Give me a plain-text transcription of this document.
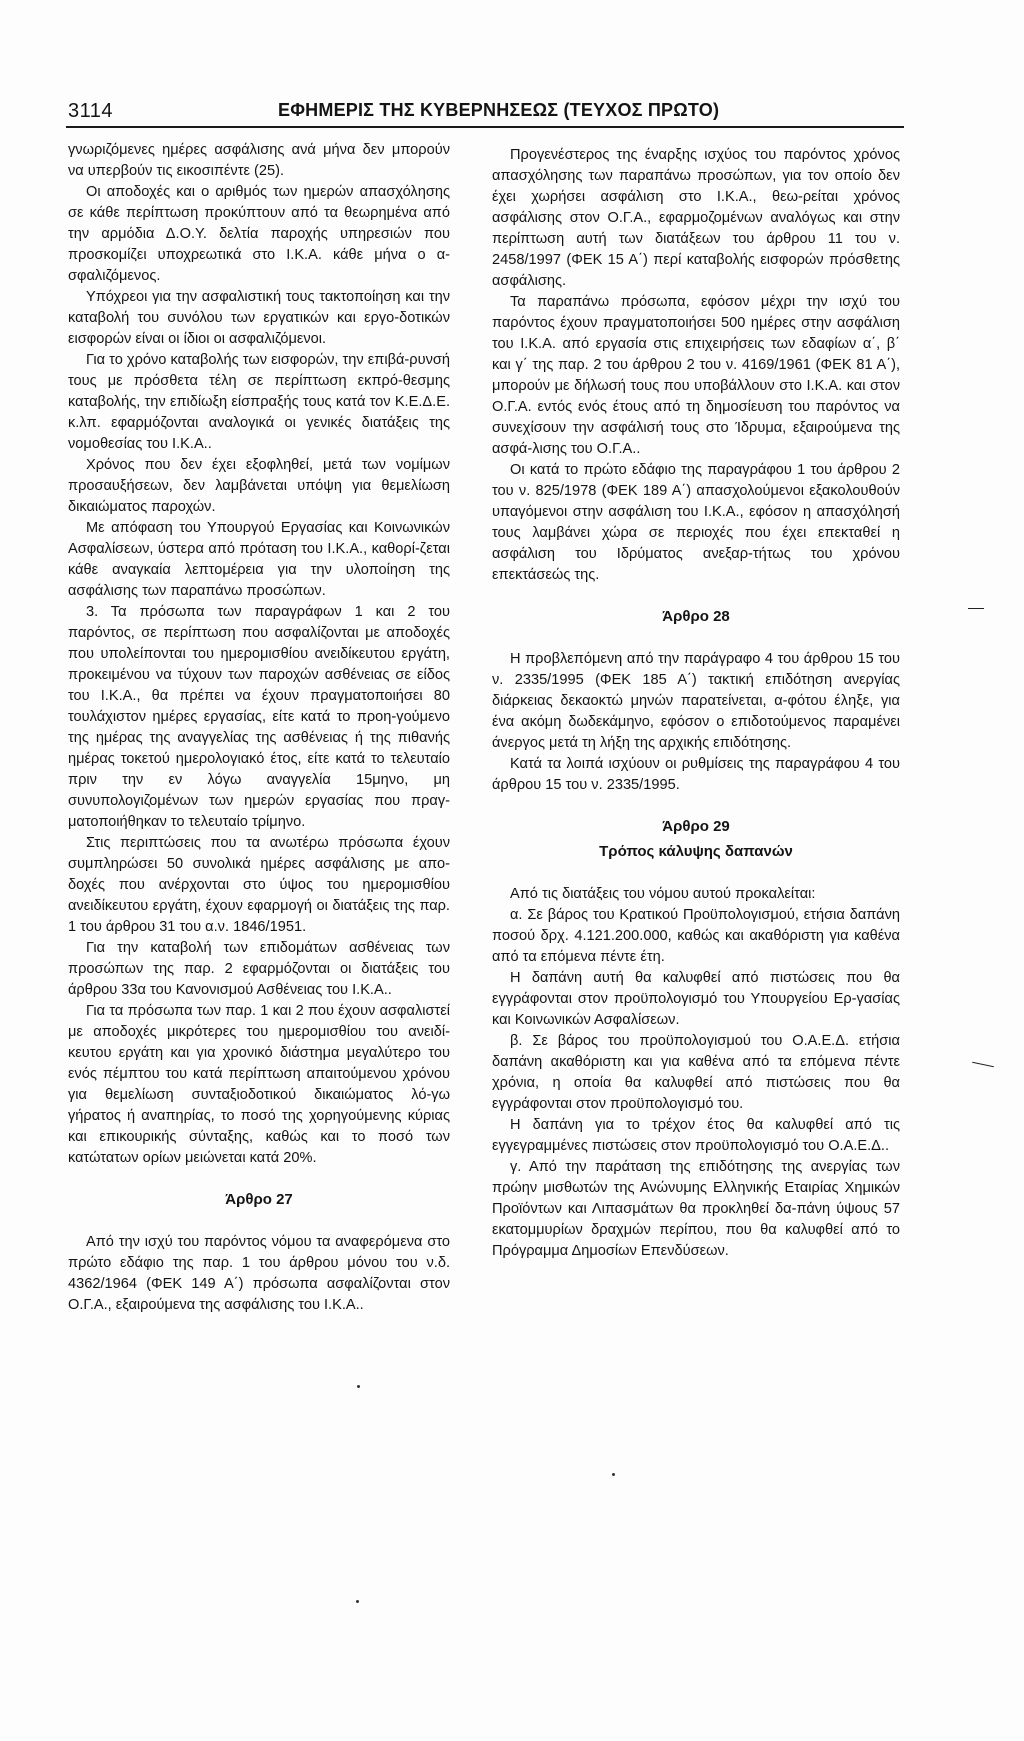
3114	ΕΦΗΜΕΡΙΣ ΤΗΣ ΚΥΒΕΡΝΗΣΕΩΣ (ΤΕΥΧΟΣ ΠΡΩΤΟ)

γνωριζόμενες ημέρες ασφάλισης ανά μήνα δεν μπορούν να υπερβούν τις εικοσιπέντε (25).

Οι αποδοχές και ο αριθμός των ημερών απασχόλησης σε κάθε περίπτωση προκύπτουν από τα θεωρημένα από την αρμόδια Δ.Ο.Υ. δελτία παροχής υπηρεσιών που προσκομίζει υποχρεωτικά στο Ι.Κ.Α. κάθε μήνα ο α-σφαλιζόμενος.

Υπόχρεοι για την ασφαλιστική τους τακτοποίηση και την καταβολή του συνόλου των εργατικών και εργο-δοτικών εισφορών είναι οι ίδιοι οι ασφαλιζόμενοι.

Για το χρόνο καταβολής των εισφορών, την επιβά-ρυνσή τους με πρόσθετα τέλη σε περίπτωση εκπρό-θεσμης καταβολής, την επιδίωξη είσπραξής τους κατά τον Κ.Ε.Δ.Ε. κ.λπ. εφαρμόζονται αναλογικά οι γενικές διατάξεις της νομοθεσίας του Ι.Κ.Α..

Χρόνος που δεν έχει εξοφληθεί, μετά των νομίμων προσαυξήσεων, δεν λαμβάνεται υπόψη για θεμελίωση δικαιώματος παροχών.

Με απόφαση του Υπουργού Εργασίας και Κοινωνικών Ασφαλίσεων, ύστερα από πρόταση του Ι.Κ.Α., καθορί-ζεται κάθε αναγκαία λεπτομέρεια για την υλοποίηση της ασφάλισης των παραπάνω προσώπων.

3. Τα πρόσωπα των παραγράφων 1 και 2 του παρόντος, σε περίπτωση που ασφαλίζονται με αποδοχές που υπολείπονται του ημερομισθίου ανειδίκευτου εργάτη, προκειμένου να τύχουν των παροχών ασθένειας σε είδος του Ι.Κ.Α., θα πρέπει να έχουν πραγματοποιήσει 80 τουλάχιστον ημέρες εργασίας, είτε κατά το προη-γούμενο της ημέρας της αναγγελίας της ασθένειας ή της πιθανής ημέρας τοκετού ημερολογιακό έτος, είτε κατά το τελευταίο πριν την εν λόγω αναγγελία 15μηνο, μη συνυπολογιζομένων των ημερών εργασίας που πραγ-ματοποιήθηκαν το τελευταίο τρίμηνο.

Στις περιπτώσεις που τα ανωτέρω πρόσωπα έχουν συμπληρώσει 50 συνολικά ημέρες ασφάλισης με απο-δοχές που ανέρχονται στο ύψος του ημερομισθίου ανειδίκευτου εργάτη, έχουν εφαρμογή οι διατάξεις της παρ. 1 του άρθρου 31 του α.ν. 1846/1951.

Για την καταβολή των επιδομάτων ασθένειας των προσώπων της παρ. 2 εφαρμόζονται οι διατάξεις του άρθρου 33α του Κανονισμού Ασθένειας του Ι.Κ.Α..

Για τα πρόσωπα των παρ. 1 και 2 που έχουν ασφαλιστεί με αποδοχές μικρότερες του ημερομισθίου του ανειδί-κευτου εργάτη και για χρονικό διάστημα μεγαλύτερο του ενός πέμπτου του κατά περίπτωση απαιτούμενου χρόνου για θεμελίωση συνταξιοδοτικού δικαιώματος λό-γω γήρατος ή αναπηρίας, το ποσό της χορηγούμενης κύριας και επικουρικής σύνταξης, καθώς και το ποσό των κατώτατων ορίων μειώνεται κατά 20%.

Άρθρο 27

Από την ισχύ του παρόντος νόμου τα αναφερόμενα στο πρώτο εδάφιο της παρ. 1 του άρθρου μόνου του ν.δ. 4362/1964 (ΦΕΚ 149 Α΄) πρόσωπα ασφαλίζονται στον Ο.Γ.Α., εξαιρούμενα της ασφάλισης του Ι.Κ.Α..

Προγενέστερος της έναρξης ισχύος του παρόντος χρόνος απασχόλησης των παραπάνω προσώπων, για τον οποίο δεν έχει χωρήσει ασφάλιση στο Ι.Κ.Α., θεω-ρείται χρόνος ασφάλισης στον Ο.Γ.Α., εφαρμοζομένων αναλόγως και στην περίπτωση αυτή των διατάξεων του άρθρου 11 του ν. 2458/1997 (ΦΕΚ 15 Α΄) περί καταβολής εισφορών πρόσθετης ασφάλισης.

Τα παραπάνω πρόσωπα, εφόσον μέχρι την ισχύ του παρόντος έχουν πραγματοποιήσει 500 ημέρες στην ασφάλιση του Ι.Κ.Α. από εργασία στις επιχειρήσεις των εδαφίων α΄, β΄ και γ΄ της παρ. 2 του άρθρου 2 του ν. 4169/1961 (ΦΕΚ 81 Α΄), μπορούν με δήλωσή τους που υποβάλλουν στο Ι.Κ.Α. και στον Ο.Γ.Α. εντός ενός έτους από τη δημοσίευση του παρόντος να συνεχίσουν την ασφάλισή τους στο Ίδρυμα, εξαιρούμενα της ασφά-λισης του Ο.Γ.Α..

Οι κατά το πρώτο εδάφιο της παραγράφου 1 του άρθρου 2 του ν. 825/1978 (ΦΕΚ 189 Α΄) απασχολούμενοι εξακολουθούν υπαγόμενοι στην ασφάλιση του Ι.Κ.Α., εφόσον η απασχόλησή τους λαμβάνει χώρα σε περιοχές που έχει επεκταθεί η ασφάλιση του Ιδρύματος ανεξαρ-τήτως του χρόνου επεκτάσεώς της.

Άρθρο 28

Η προβλεπόμενη από την παράγραφο 4 του άρθρου 15 του ν. 2335/1995 (ΦΕΚ 185 Α΄) τακτική επιδότηση ανεργίας διάρκειας δεκαοκτώ μηνών παρατείνεται, α-φότου έληξε, για ένα ακόμη δωδεκάμηνο, εφόσον ο επιδοτούμενος παραμένει άνεργος μετά τη λήξη της αρχικής επιδότησης.

Κατά τα λοιπά ισχύουν οι ρυθμίσεις της παραγράφου 4 του άρθρου 15 του ν. 2335/1995.

Άρθρο 29
Τρόπος κάλυψης δαπανών

Από τις διατάξεις του νόμου αυτού προκαλείται:

α. Σε βάρος του Κρατικού Προϋπολογισμού, ετήσια δαπάνη ποσού δρχ. 4.121.200.000, καθώς και ακαθόριστη για καθένα από τα επόμενα πέντε έτη.

Η δαπάνη αυτή θα καλυφθεί από πιστώσεις που θα εγγράφονται στον προϋπολογισμό του Υπουργείου Ερ-γασίας και Κοινωνικών Ασφαλίσεων.

β. Σε βάρος του προϋπολογισμού του Ο.Α.Ε.Δ. ετήσια δαπάνη ακαθόριστη και για καθένα από τα επόμενα πέντε χρόνια, η οποία θα καλυφθεί από πιστώσεις που θα εγγράφονται στον προϋπολογισμό του.

Η δαπάνη για το τρέχον έτος θα καλυφθεί από τις εγγεγραμμένες πιστώσεις στον προϋπολογισμό του Ο.Α.Ε.Δ..

γ. Από την παράταση της επιδότησης της ανεργίας των πρώην μισθωτών της Ανώνυμης Ελληνικής Εταιρίας Χημικών Προϊόντων και Λιπασμάτων θα προκληθεί δα-πάνη ύψους 57 εκατομμυρίων δραχμών περίπου, που θα καλυφθεί από το Πρόγραμμα Δημοσίων Επενδύσεων.
